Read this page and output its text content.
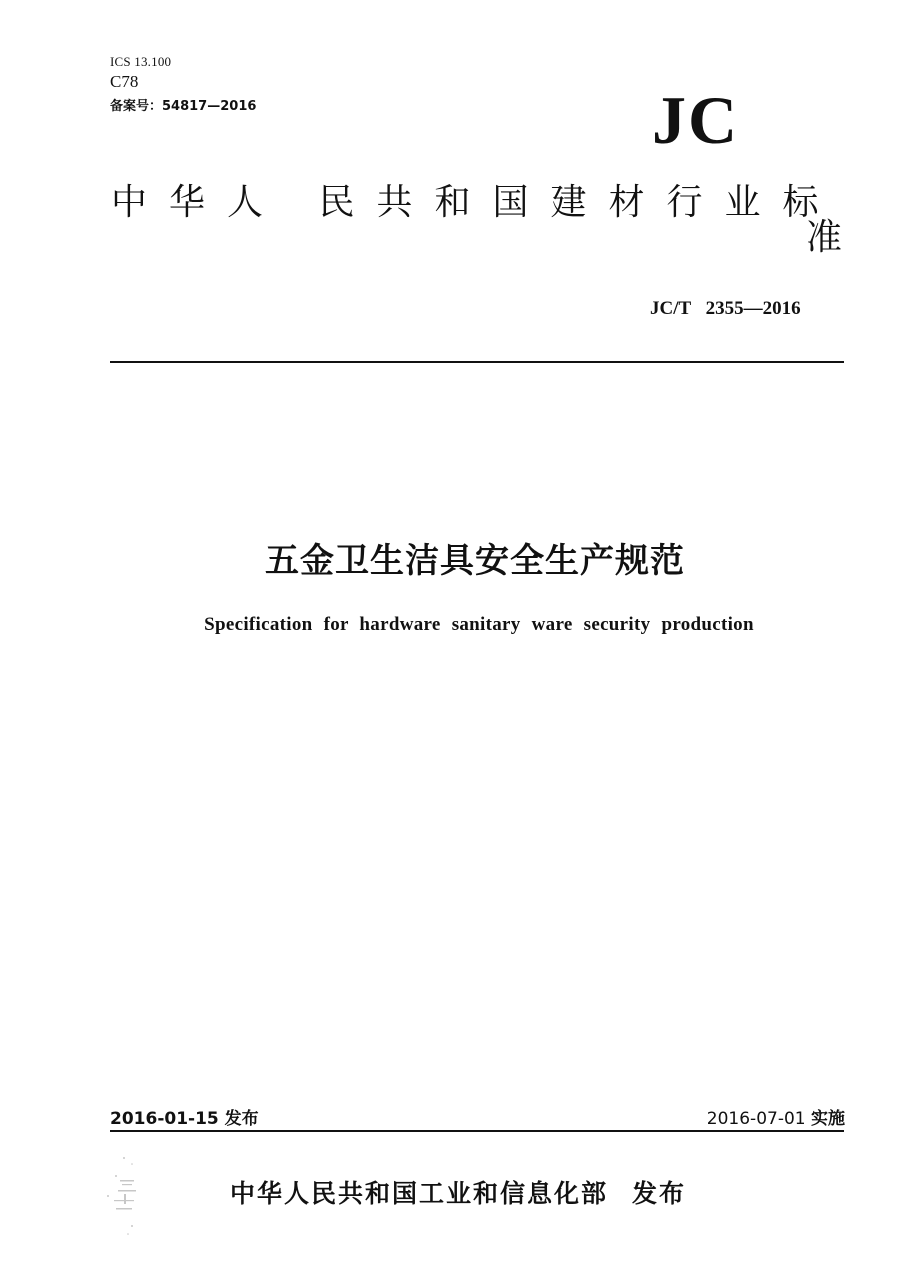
ICS 13.100
C78
备案号：54817—2016	JC
中华人 民共和国建材行业标
准
JC/T 2355—2016
五金卫生洁具安全生产规范
Specification for hardware sanitary ware security production
2016-01-15 发布	2016-07-01 实施
中华人民共和国工业和信息化部 发布
